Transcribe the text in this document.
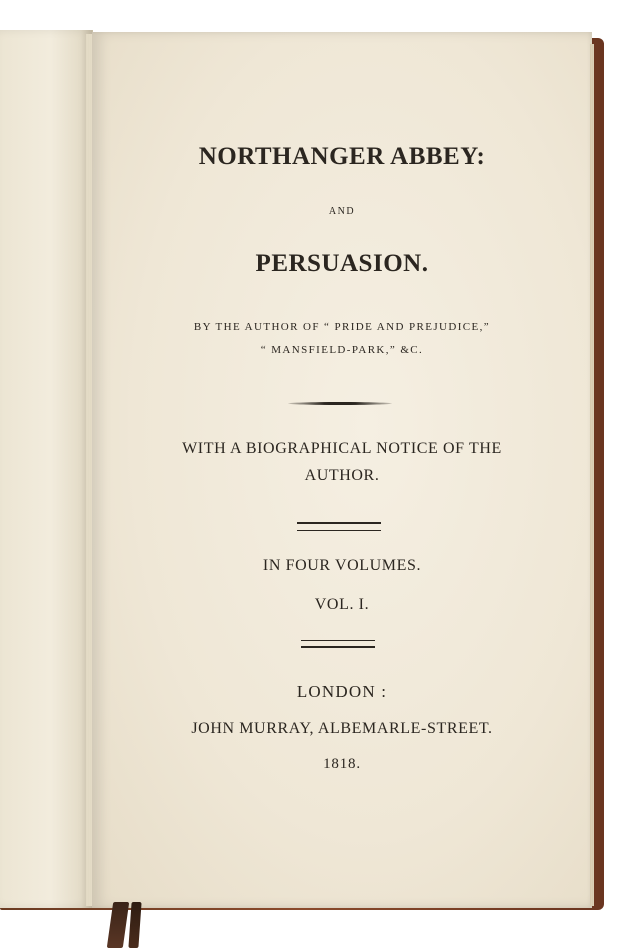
NORTHANGER ABBEY:
AND
PERSUASION.
BY THE AUTHOR OF “ PRIDE AND PREJUDICE,”
“ MANSFIELD-PARK,” &C.
WITH A BIOGRAPHICAL NOTICE OF THE
AUTHOR.
IN FOUR VOLUMES.
VOL. I.
LONDON :
JOHN MURRAY, ALBEMARLE-STREET.
1818.
